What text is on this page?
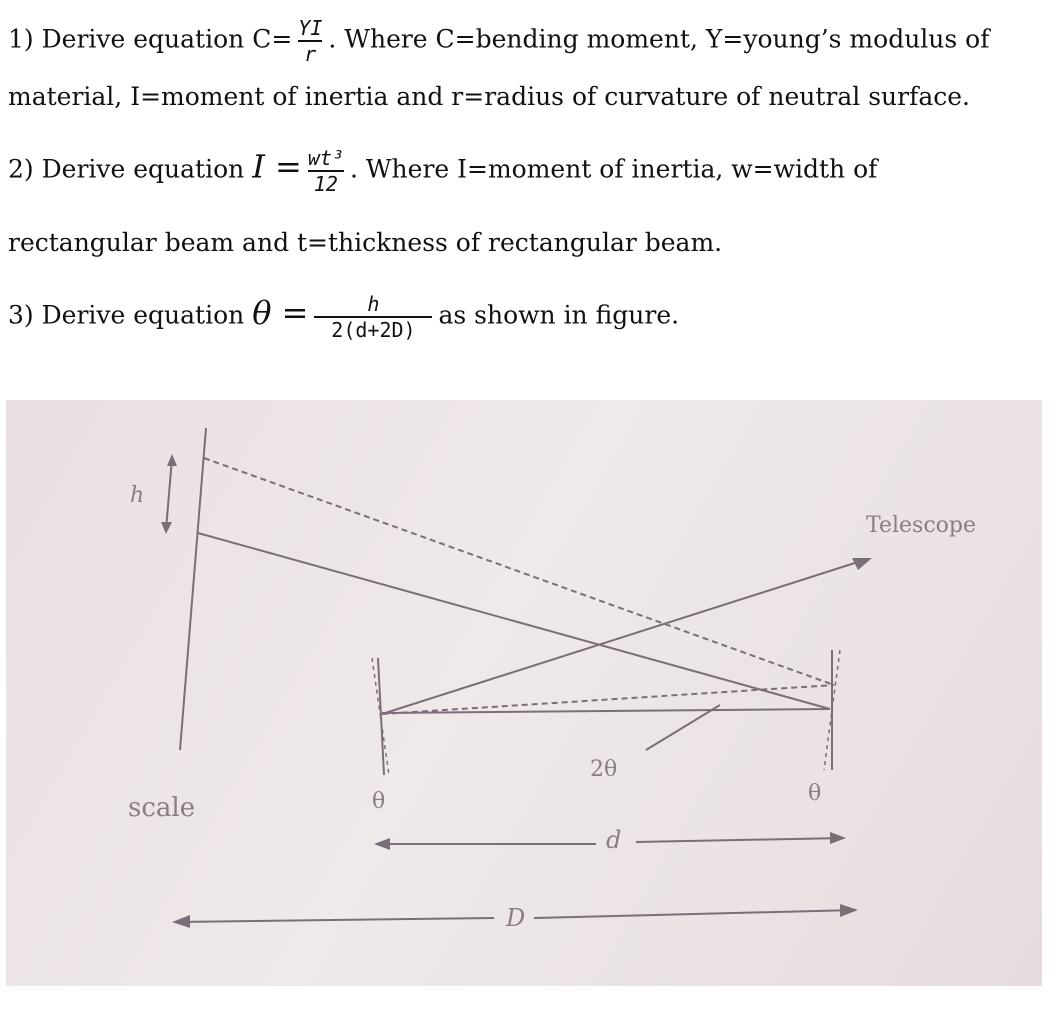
1) Derive equation $C= \frac{YI}{r}$ . Where C=bending moment, Y=young’s modulus of
material, I=moment of inertia and r=radius of curvature of neutral surface.
2) Derive equation $I = \frac{\text{wt³}}{12}$ . Where I=moment of inertia, w=width of
rectangular beam and t=thickness of rectangular beam.
3) Derive equation $\theta = \frac{h}{2(d+2D)}$ as shown in figure.
h
Telescope
2θ
scale	θ	θ
d
D
